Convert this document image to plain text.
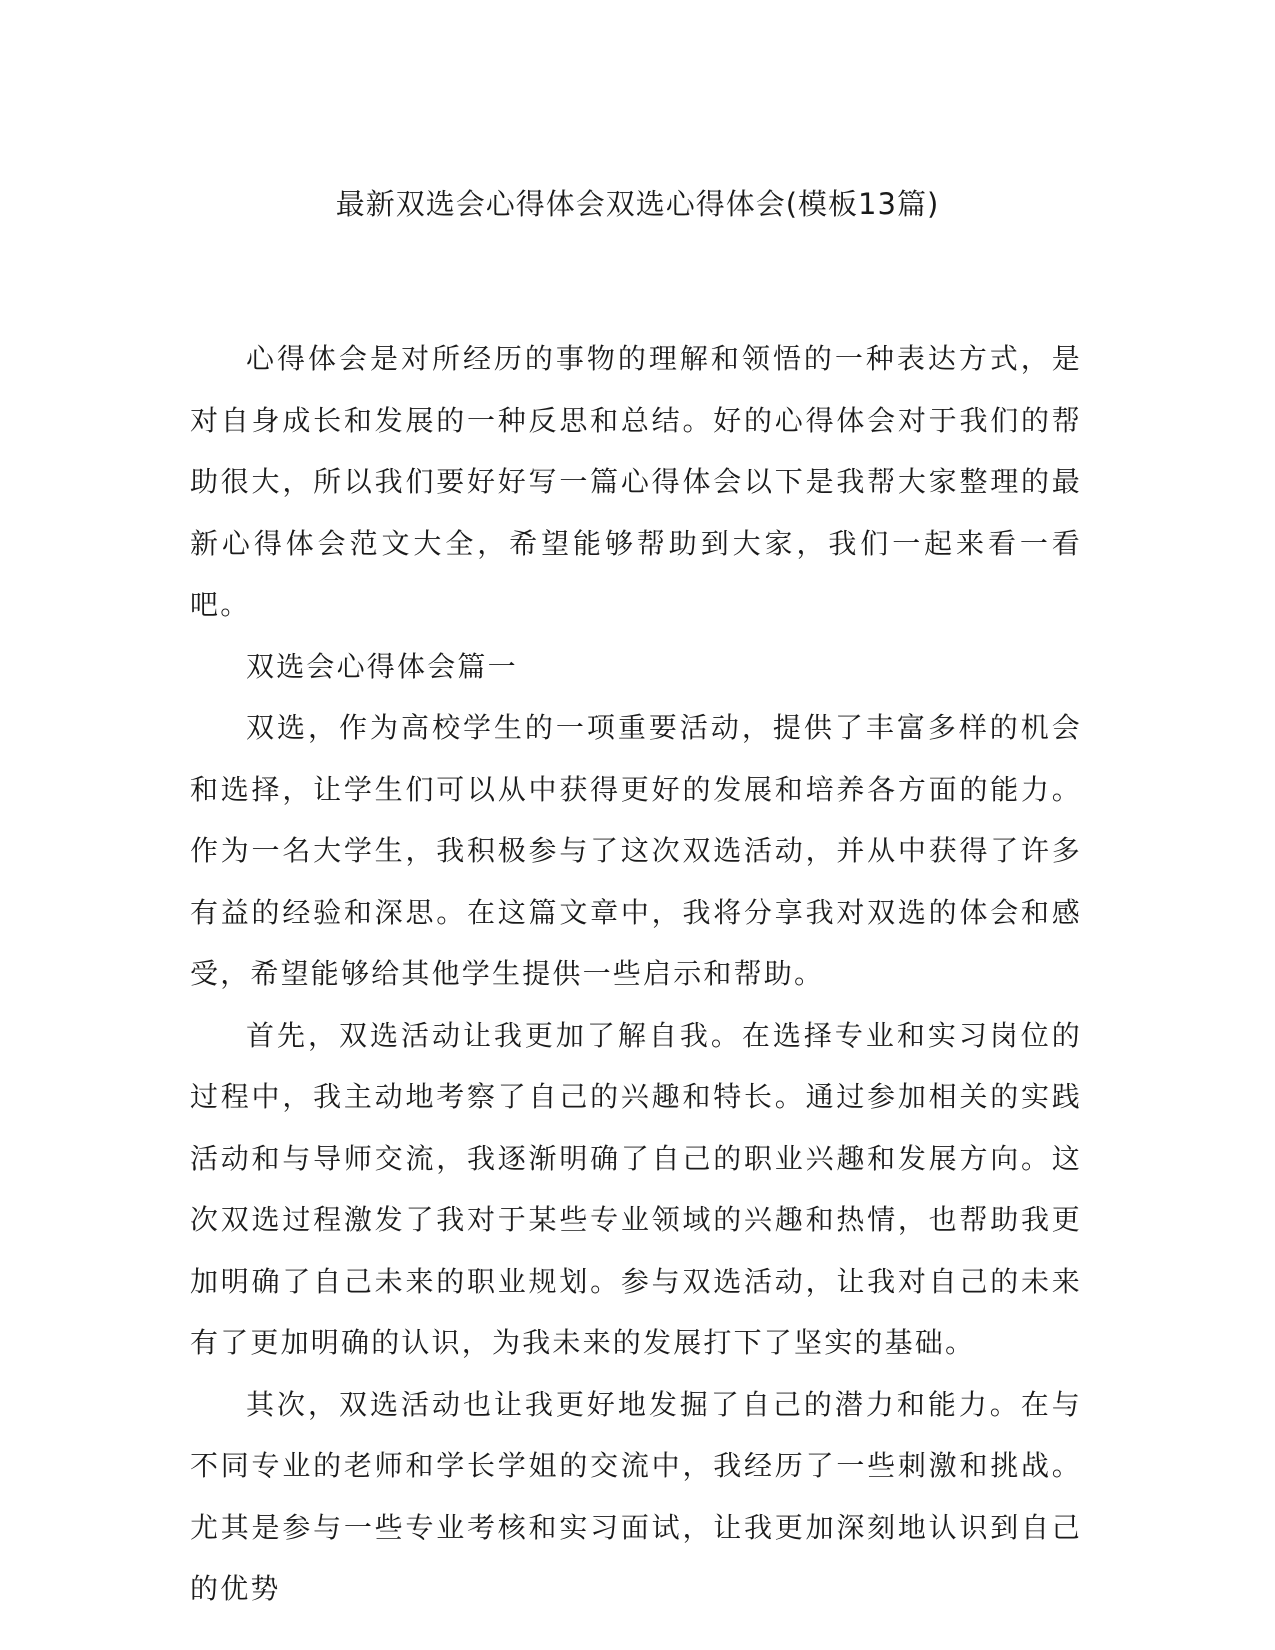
最新双选会心得体会双选心得体会(模板13篇)

心得体会是对所经历的事物的理解和领悟的一种表达方式，是对自身成长和发展的一种反思和总结。好的心得体会对于我们的帮助很大，所以我们要好好写一篇心得体会以下是我帮大家整理的最新心得体会范文大全，希望能够帮助到大家，我们一起来看一看吧。

双选会心得体会篇一

双选，作为高校学生的一项重要活动，提供了丰富多样的机会和选择，让学生们可以从中获得更好的发展和培养各方面的能力。作为一名大学生，我积极参与了这次双选活动，并从中获得了许多有益的经验和深思。在这篇文章中，我将分享我对双选的体会和感受，希望能够给其他学生提供一些启示和帮助。

首先，双选活动让我更加了解自我。在选择专业和实习岗位的过程中，我主动地考察了自己的兴趣和特长。通过参加相关的实践活动和与导师交流，我逐渐明确了自己的职业兴趣和发展方向。这次双选过程激发了我对于某些专业领域的兴趣和热情，也帮助我更加明确了自己未来的职业规划。参与双选活动，让我对自己的未来有了更加明确的认识，为我未来的发展打下了坚实的基础。

其次，双选活动也让我更好地发掘了自己的潜力和能力。在与不同专业的老师和学长学姐的交流中，我经历了一些刺激和挑战。尤其是参与一些专业考核和实习面试，让我更加深刻地认识到自己的优势
